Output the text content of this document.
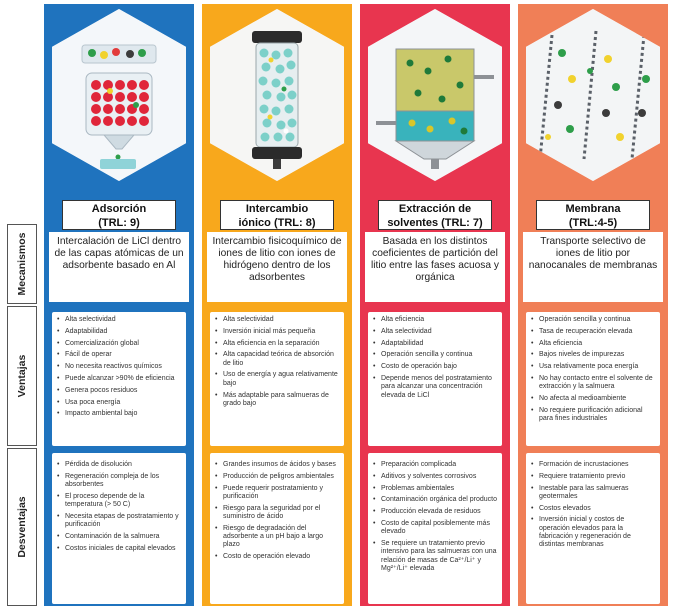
Mecanismos
Ventajas
Desventajas
Adsorción
(TRL: 9)
Intercalación de LiCl dentro de las capas atómicas de un adsorbente basado en Al
• Alta selectividad
• Adaptabilidad
• Comercialización global
• Fácil de operar
• No necesita reactivos químicos
• Puede alcanzar >90% de eficiencia
• Genera pocos residuos
• Usa poca energía
• Impacto ambiental bajo
• Pérdida de disolución
• Regeneración compleja de los absorbentes
• El proceso depende de la temperatura (> 50 C)
• Necesita etapas de postratamiento y purificación
• Contaminación de la salmuera
• Costos iniciales de capital elevados
Intercambio
iónico (TRL: 8)
Intercambio fisicoquímico de iones de litio con iones de hidrógeno dentro de los adsorbentes
• Alta selectividad
• Inversión inicial más pequeña
• Alta eficiencia en la separación
• Alta capacidad teórica de absorción de litio
• Uso de energía y agua relativamente bajo
• Más adaptable para salmueras de grado bajo
• Grandes insumos de ácidos y bases
• Producción de peligros ambientales
• Puede requerir postratamiento y purificación
• Riesgo para la seguridad por el suministro de ácido
• Riesgo de degradación del adsorbente a un pH bajo a largo plazo
• Costo de operación elevado
Extracción de
solventes (TRL: 7)
Basada en los distintos coeficientes de partición del litio entre las fases acuosa y orgánica
• Alta eficiencia
• Alta selectividad
• Adaptabilidad
• Operación sencilla y continua
• Costo de operación bajo
• Depende menos del postratamiento para alcanzar una concentración elevada de LiCl
• Preparación complicada
• Aditivos y solventes corrosivos
• Problemas ambientales
• Contaminación orgánica del producto
• Producción elevada de residuos
• Costo de capital posiblemente más elevado
• Se requiere un tratamiento previo intensivo para las salmueras con una relación de masas de Ca²⁺/Li⁺ y Mg²⁺/Li⁺ elevada
Membrana
(TRL:4-5)
Transporte selectivo de iones de litio por nanocanales de membranas
• Operación sencilla y continua
• Tasa de recuperación elevada
• Alta eficiencia
• Bajos niveles de impurezas
• Usa relativamente poca energía
• No hay contacto entre el solvente de extracción y la salmuera
• No afecta al medioambiente
• No requiere purificación adicional para fines industriales
• Formación de incrustaciones
• Requiere tratamiento previo
• Inestable para las salmueras geotermales
• Costos elevados
• Inversión inicial y costos de operación elevados para la fabricación y regeneración de distintas membranas
